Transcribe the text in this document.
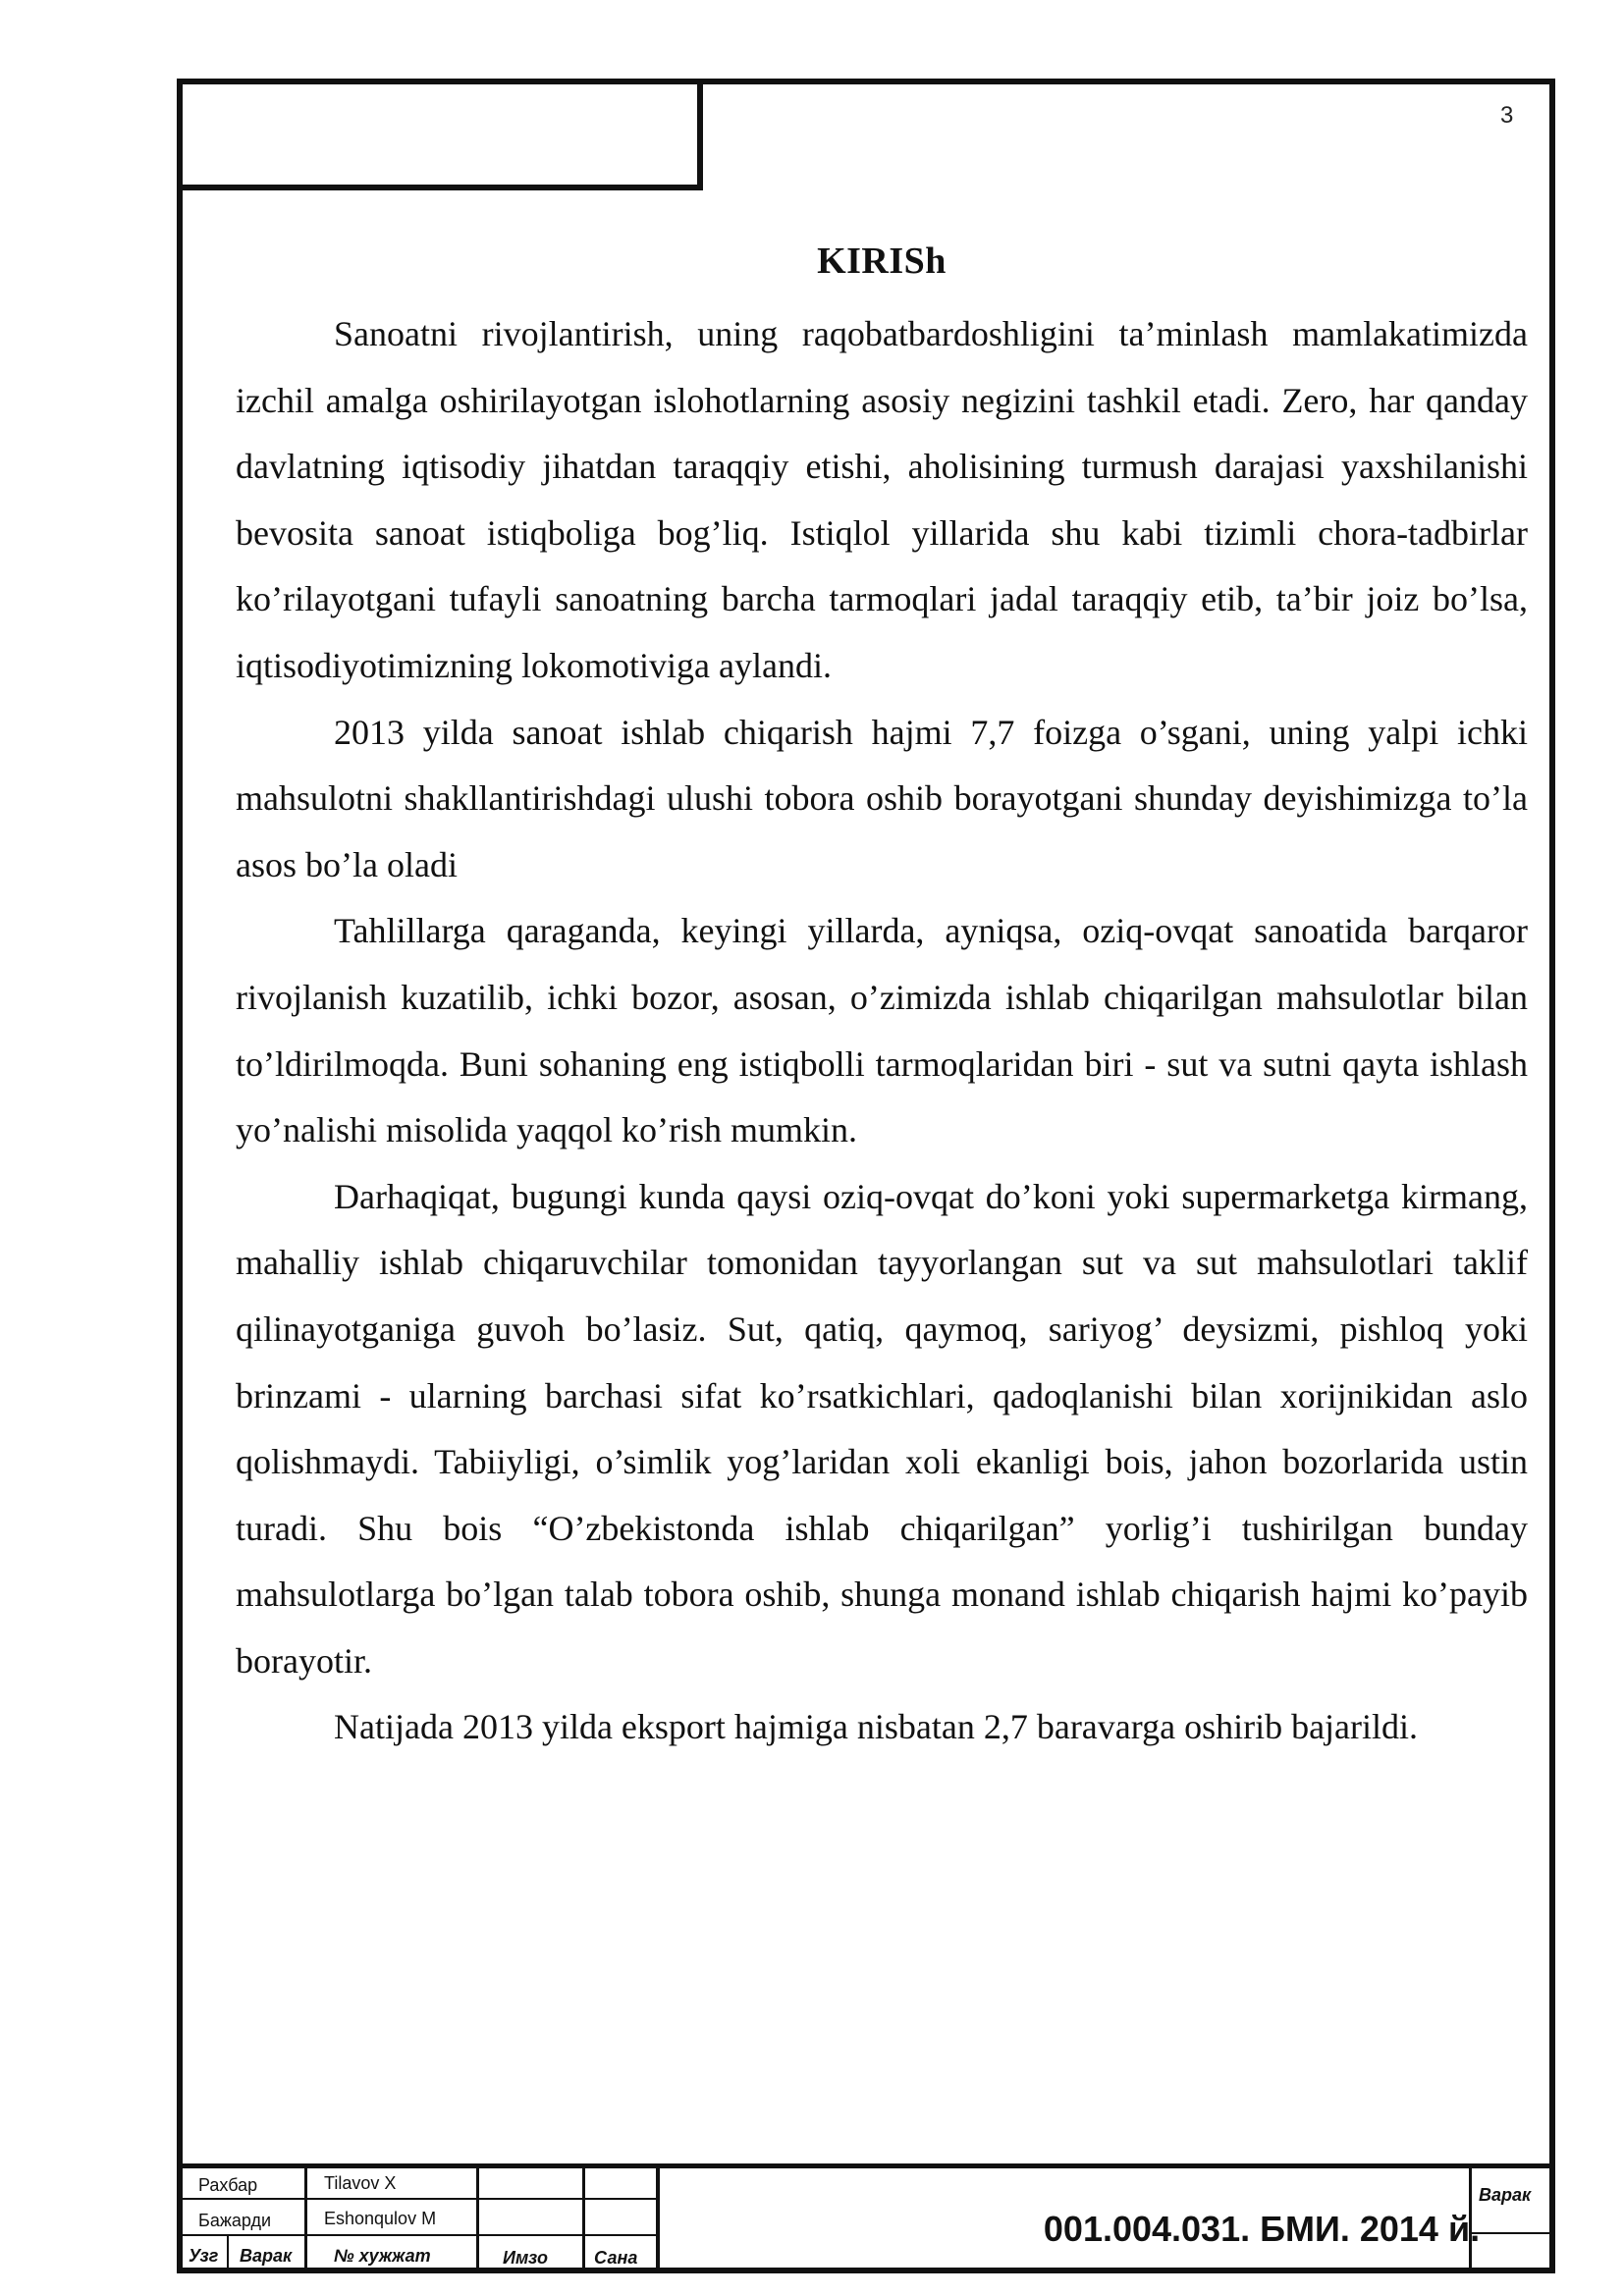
3
KIRISh

Sanoatni rivojlantirish, uning raqobatbardoshligini ta’minlash mamlakatimizda izchil amalga oshirilayotgan islohotlarning asosiy negizini tashkil etadi. Zero, har qanday davlatning iqtisodiy jihatdan taraqqiy etishi, aholisining turmush darajasi yaxshilanishi bevosita sanoat istiqboliga bog’liq. Istiqlol yillarida shu kabi tizimli chora-tadbirlar ko’rilayotgani tufayli sanoatning barcha tarmoqlari jadal taraqqiy etib, ta’bir joiz bo’lsa, iqtisodiyotimizning lokomotiviga aylandi.

2013 yilda sanoat ishlab chiqarish hajmi 7,7 foizga o’sgani, uning yalpi ichki mahsulotni shakllantirishdagi ulushi tobora oshib borayotgani shunday deyishimizga to’la asos bo’la oladi

Tahlillarga qaraganda, keyingi yillarda, ayniqsa, oziq-ovqat sanoatida barqaror rivojlanish kuzatilib, ichki bozor, asosan, o’zimizda ishlab chiqarilgan mahsulotlar bilan to’ldirilmoqda. Buni sohaning eng istiqbolli tarmoqlaridan biri - sut va sutni qayta ishlash yo’nalishi misolida yaqqol ko’rish mumkin.

Darhaqiqat, bugungi kunda qaysi oziq-ovqat do’koni yoki supermarketga kirmang, mahalliy ishlab chiqaruvchilar tomonidan tayyorlangan sut va sut mahsulotlari taklif qilinayotganiga guvoh bo’lasiz. Sut, qatiq, qaymoq, sariyog’ deysizmi, pishloq yoki brinzami - ularning barchasi sifat ko’rsatkichlari, qadoqlanishi bilan xorijnikidan aslo qolishmaydi. Tabiiyligi, o’simlik yog’laridan xoli ekanligi bois, jahon bozorlarida ustin turadi. Shu bois “O’zbekistonda ishlab chiqarilgan” yorlig’i tushirilgan bunday mahsulotlarga bo’lgan talab tobora oshib, shunga monand ishlab chiqarish hajmi ko’payib borayotir.

Natijada 2013 yilda eksport hajmiga nisbatan 2,7 baravarga oshirib bajarildi.

Рахбар	Tilavov X
Бажарди	Eshonqulov M
Узг Варак № хужжат	Имзо	Сана
001.004.031. БМИ. 2014 й.
Варак
